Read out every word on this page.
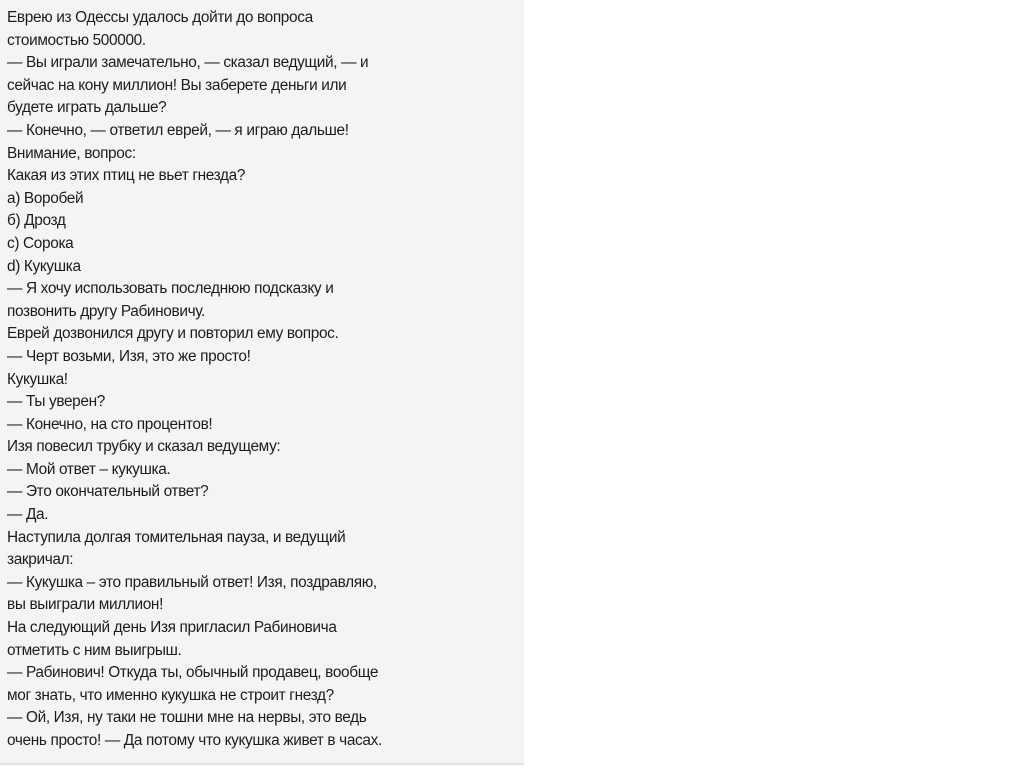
Еврею из Одессы удалось дойти до вопроса
стоимостью 500000.
— Вы играли замечательно, — сказал ведущий, — и
сейчас на кону миллион! Вы заберете деньги или
будете играть дальше?
— Конечно, — ответил еврей, — я играю дальше!
Внимание, вопрос:
Какая из этих птиц не вьет гнезда?
а) Воробей
б) Дрозд
c) Сорока
d) Кукушка
— Я хочу использовать последнюю подсказку и
позвонить другу Рабиновичу.
Еврей дозвонился другу и повторил ему вопрос.
— Черт возьми, Изя, это же просто!
Кукушка!
— Ты уверен?
— Конечно, на сто процентов!
Изя повесил трубку и сказал ведущему:
— Мой ответ – кукушка.
— Это окончательный ответ?
— Да.
Наступила долгая томительная пауза, и ведущий
закричал:
— Кукушка – это правильный ответ! Изя, поздравляю,
вы выиграли миллион!
На следующий день Изя пригласил Рабиновича
отметить с ним выигрыш.
— Рабинович! Откуда ты, обычный продавец, вообще
мог знать, что именно кукушка не строит гнезд?
— Ой, Изя, ну таки не тошни мне на нервы, это ведь
очень просто! — Да потому что кукушка живет в часах.
